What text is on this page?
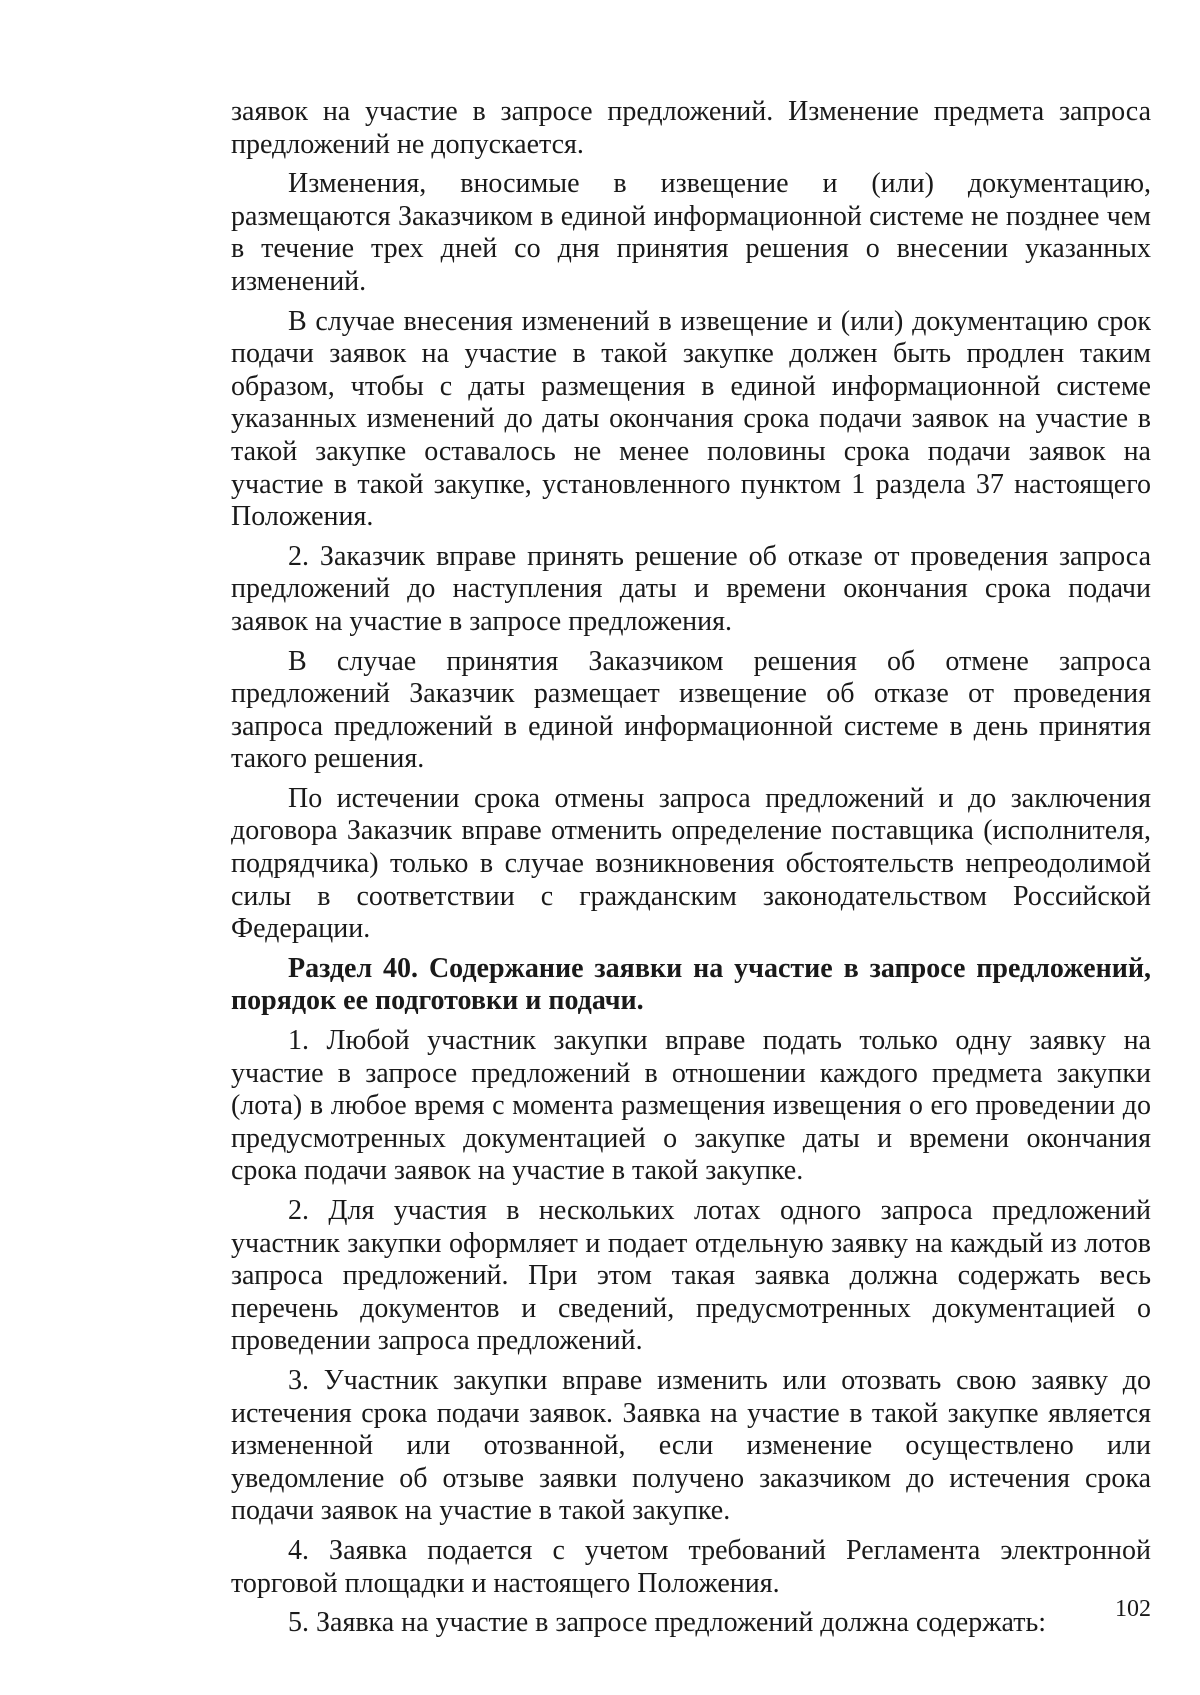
заявок на участие в запросе предложений. Изменение предмета запроса предложений не допускается.

Изменения, вносимые в извещение и (или) документацию, размещаются Заказчиком в единой информационной системе не позднее чем в течение трех дней со дня принятия решения о внесении указанных изменений.

В случае внесения изменений в извещение и (или) документацию срок подачи заявок на участие в такой закупке должен быть продлен таким образом, чтобы с даты размещения в единой информационной системе указанных изменений до даты окончания срока подачи заявок на участие в такой закупке оставалось не менее половины срока подачи заявок на участие в такой закупке, установленного пунктом 1 раздела 37 настоящего Положения.

2. Заказчик вправе принять решение об отказе от проведения запроса предложений до наступления даты и времени окончания срока подачи заявок на участие в запросе предложения.

В случае принятия Заказчиком решения об отмене запроса предложений Заказчик размещает извещение об отказе от проведения запроса предложений в единой информационной системе в день принятия такого решения.

По истечении срока отмены запроса предложений и до заключения договора Заказчик вправе отменить определение поставщика (исполнителя, подрядчика) только в случае возникновения обстоятельств непреодолимой силы в соответствии с гражданским законодательством Российской Федерации.

Раздел 40. Содержание заявки на участие в запросе предложений, порядок ее подготовки и подачи.

1. Любой участник закупки вправе подать только одну заявку на участие в запросе предложений в отношении каждого предмета закупки (лота) в любое время с момента размещения извещения о его проведении до предусмотренных документацией о закупке даты и времени окончания срока подачи заявок на участие в такой закупке.

2. Для участия в нескольких лотах одного запроса предложений участник закупки оформляет и подает отдельную заявку на каждый из лотов запроса предложений. При этом такая заявка должна содержать весь перечень документов и сведений, предусмотренных документацией о проведении запроса предложений.

3. Участник закупки вправе изменить или отозвать свою заявку до истечения срока подачи заявок. Заявка на участие в такой закупке является измененной или отозванной, если изменение осуществлено или уведомление об отзыве заявки получено заказчиком до истечения срока подачи заявок на участие в такой закупке.

4. Заявка подается с учетом требований Регламента электронной торговой площадки и настоящего Положения.

5. Заявка на участие в запросе предложений должна содержать:	102
